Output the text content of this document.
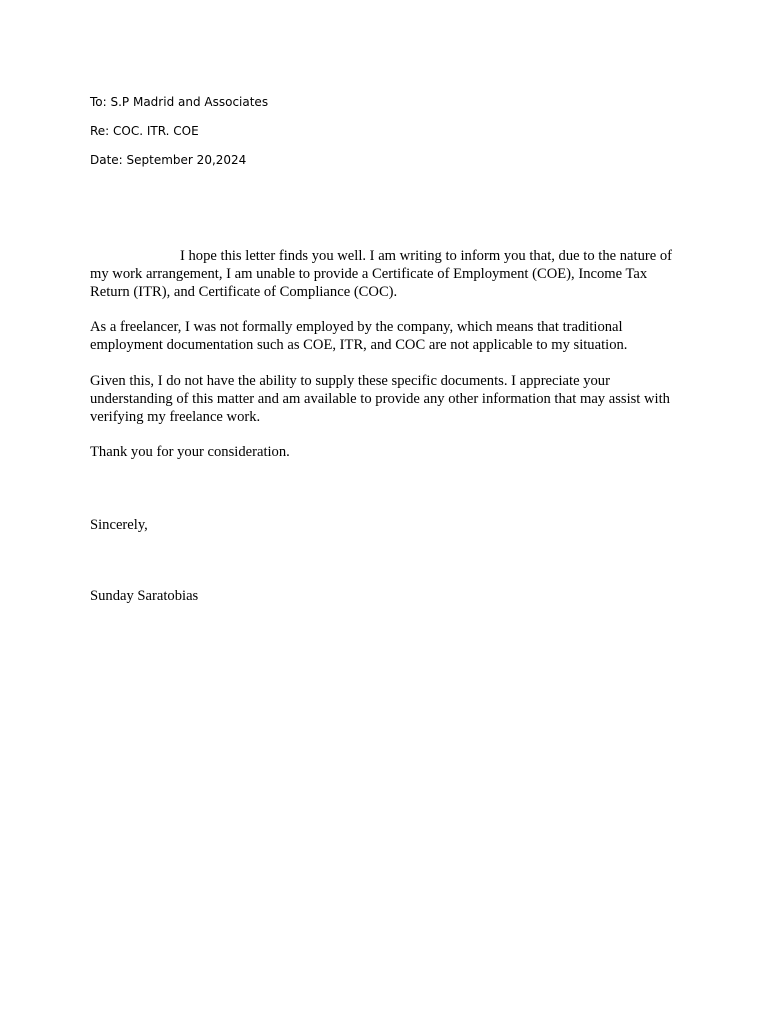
To: S.P Madrid and Associates
Re: COC. ITR. COE
Date: September 20,2024

I hope this letter finds you well. I am writing to inform you that, due to the nature of my work arrangement, I am unable to provide a Certificate of Employment (COE), Income Tax Return (ITR), and Certificate of Compliance (COC).

As a freelancer, I was not formally employed by the company, which means that traditional employment documentation such as COE, ITR, and COC are not applicable to my situation.

Given this, I do not have the ability to supply these specific documents. I appreciate your understanding of this matter and am available to provide any other information that may assist with verifying my freelance work.

Thank you for your consideration.

Sincerely,
Sunday Saratobias
